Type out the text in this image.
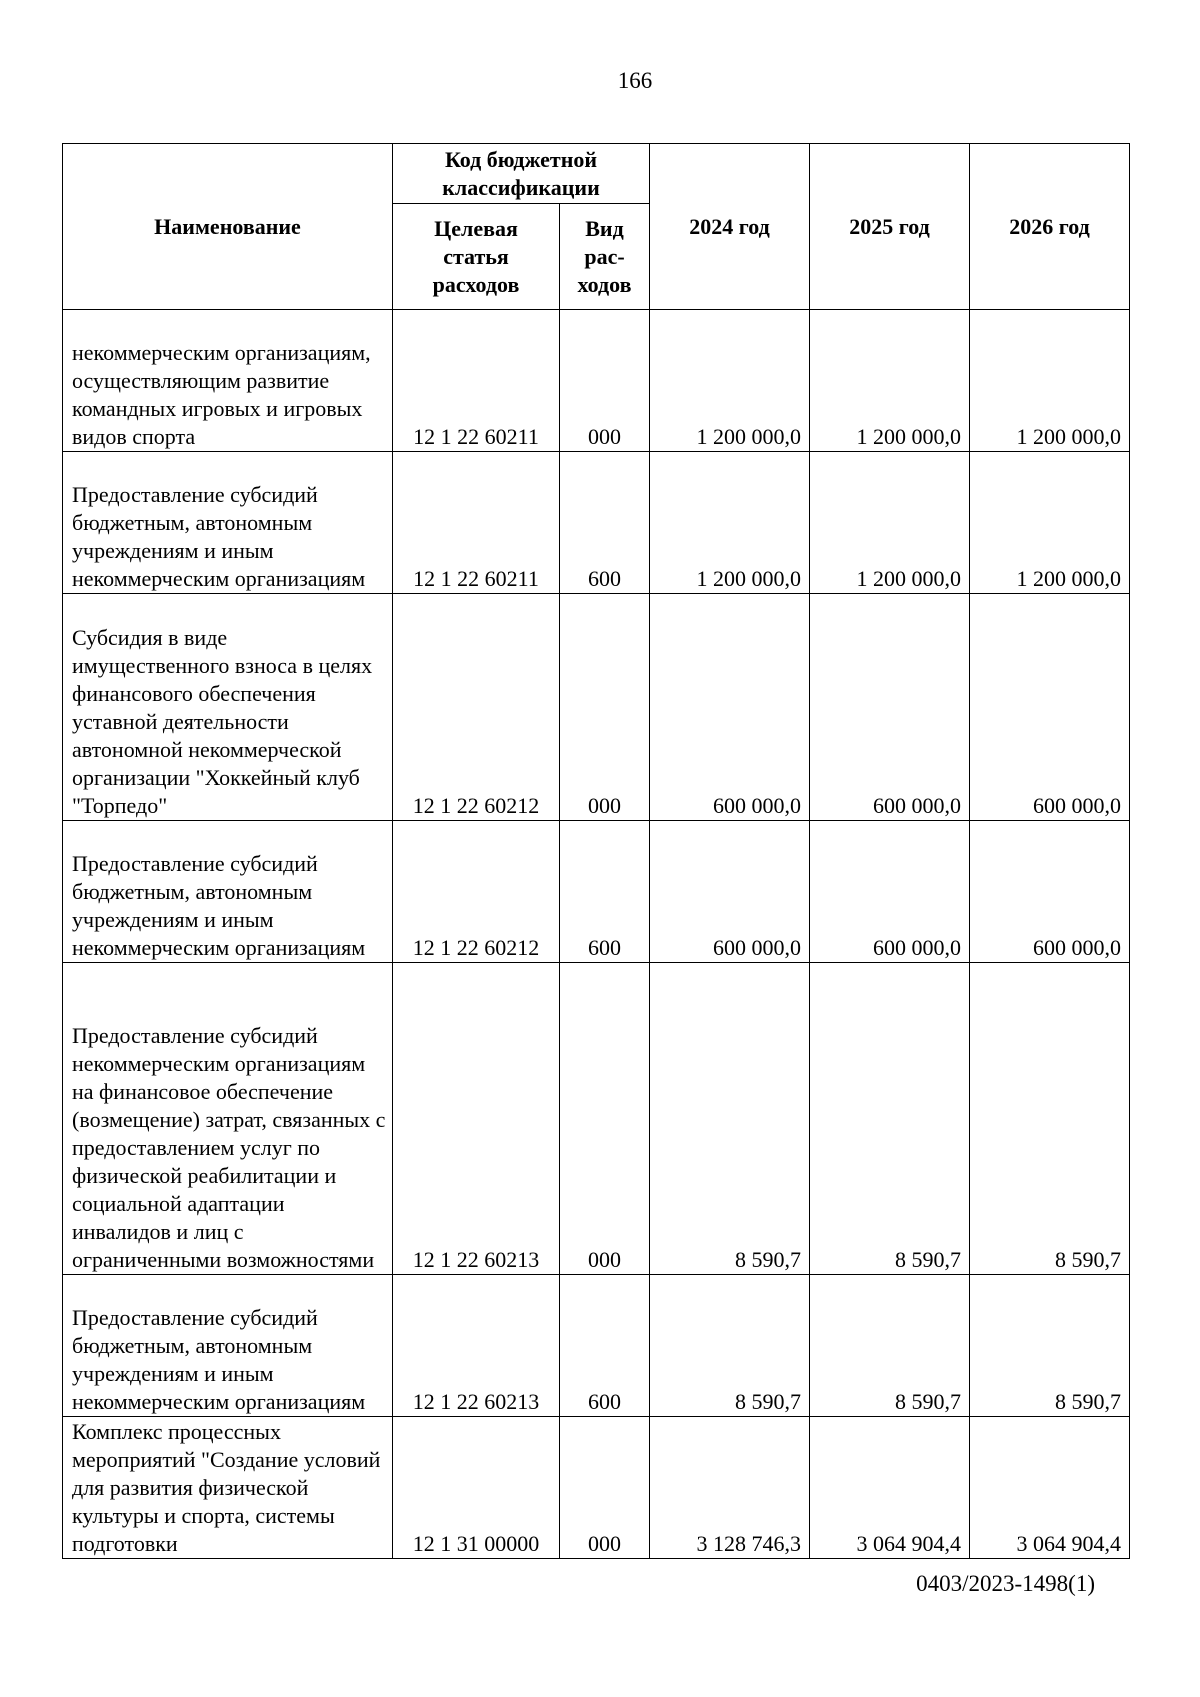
166
Наименование	Код бюджетной классификации		2024 год	2025 год	2026 год
	Целевая статья расходов	Вид рас-ходов			
некоммерческим организациям, осуществляющим развитие командных игровых и игровых видов спорта	12 1 22 60211	000	1 200 000,0	1 200 000,0	1 200 000,0
Предоставление субсидий бюджетным, автономным учреждениям и иным некоммерческим организациям	12 1 22 60211	600	1 200 000,0	1 200 000,0	1 200 000,0
Субсидия в виде имущественного взноса в целях финансового обеспечения уставной деятельности автономной некоммерческой организации "Хоккейный клуб "Торпедо"	12 1 22 60212	000	600 000,0	600 000,0	600 000,0
Предоставление субсидий бюджетным, автономным учреждениям и иным некоммерческим организациям	12 1 22 60212	600	600 000,0	600 000,0	600 000,0
Предоставление субсидий некоммерческим организациям на финансовое обеспечение (возмещение) затрат, связанных с предоставлением услуг по физической реабилитации и социальной адаптации инвалидов и лиц с ограниченными возможностями	12 1 22 60213	000	8 590,7	8 590,7	8 590,7
Предоставление субсидий бюджетным, автономным учреждениям и иным некоммерческим организациям	12 1 22 60213	600	8 590,7	8 590,7	8 590,7
Комплекс процессных мероприятий "Создание условий для развития физической культуры и спорта, системы подготовки	12 1 31 00000	000	3 128 746,3	3 064 904,4	3 064 904,4
0403/2023-1498(1)
